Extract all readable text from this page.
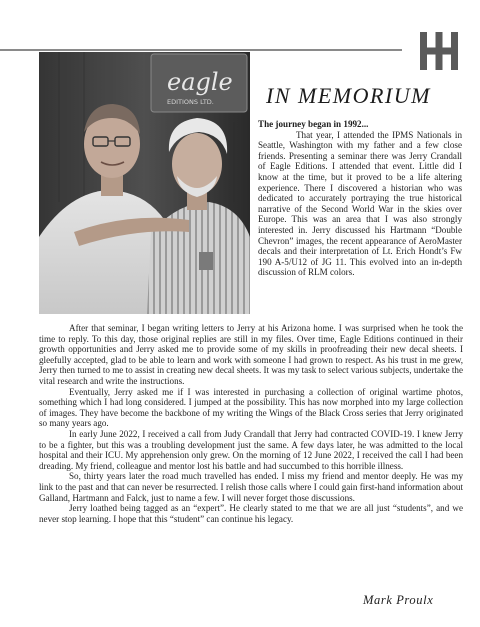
eagle
EDITIONS LTD. IN MEMORIUM
The journey began in 1992...
That year, I attended the IPMS Nationals in Seattle, Washington with my father and a few close friends. Presenting a seminar there was Jerry Crandall of Eagle Editions. I attended that event. Little did I know at the time, but it proved to be a life altering experience. There I discovered a historian who was dedicated to accurately portraying the true historical narrative of the Second World War in the skies over Europe. This was an area that I was also strongly interested in. Jerry discussed his Hartmann “Double Chevron” images, the recent appearance of AeroMaster decals and their interpretation of Lt. Erich Hondt’s Fw 190 A-5/U12 of JG 11. This evolved into an in-depth discussion of RLM colors.

After that seminar, I began writing letters to Jerry at his Arizona home. I was surprised when he took the time to reply. To this day, those original replies are still in my files. Over time, Eagle Editions continued in their growth opportunities and Jerry asked me to provide some of my skills in proofreading their new decal sheets. I gleefully accepted, glad to be able to learn and work with someone I had grown to respect. As his trust in me grew, Jerry then turned to me to assist in creating new decal sheets. It was my task to select various subjects, undertake the vital research and write the instructions.

Eventually, Jerry asked me if I was interested in purchasing a collection of original wartime photos, something which I had long considered. I jumped at the possibility. This has now morphed into my large collection of images. They have become the backbone of my writing the Wings of the Black Cross series that Jerry originated so many years ago.

In early June 2022, I received a call from Judy Crandall that Jerry had contracted COVID-19. I knew Jerry to be a fighter, but this was a troubling development just the same. A few days later, he was admitted to the local hospital and their ICU. My apprehension only grew. On the morning of 12 June 2022, I received the call I had been dreading. My friend, colleague and mentor lost his battle and had succumbed to this horrible illness.

So, thirty years later the road much travelled has ended. I miss my friend and mentor deeply. He was my link to the past and that can never be resurrected. I relish those calls where I could gain first-hand information about Galland, Hartmann and Falck, just to name a few. I will never forget those discussions.

Jerry loathed being tagged as an “expert”. He clearly stated to me that we are all just “students”, and we never stop learning. I hope that this “student” can continue his legacy.

Mark Proulx
